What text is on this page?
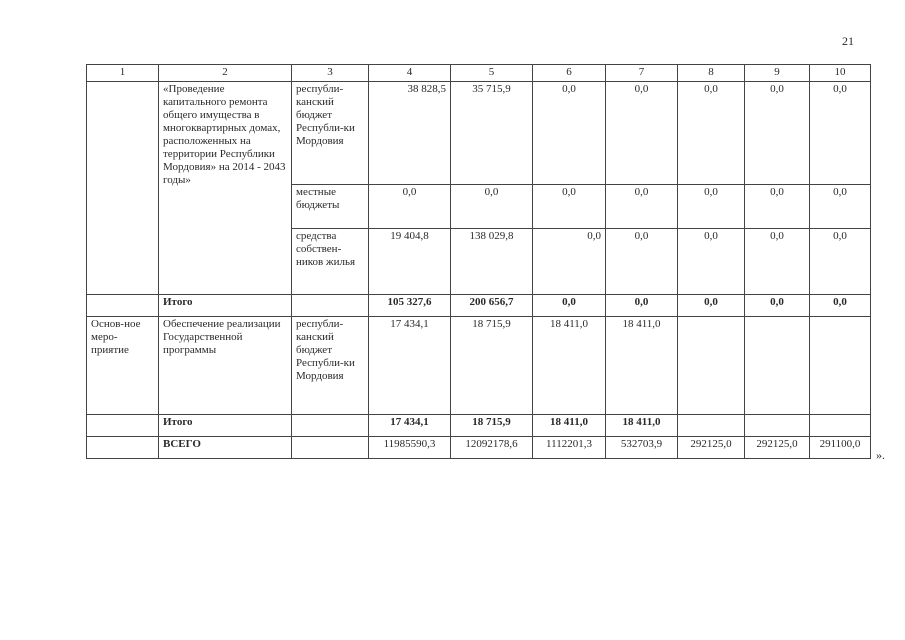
21
1	2	3	4	5	6	7	8	9	10
	«Проведение капитального ремонта общего имущества в многоквартирных домах, расположенных на территории Республики Мордовия» на 2014 - 2043 годы»	республи-канский бюджет Республи-ки Мордовия	38 828,5	35 715,9	0,0	0,0	0,0	0,0	0,0
		местные бюджеты	0,0	0,0	0,0	0,0	0,0	0,0	0,0
		средства собствен-ников жилья	19 404,8	138 029,8	0,0	0,0	0,0	0,0	0,0
	Итого		105 327,6	200 656,7	0,0	0,0	0,0	0,0	0,0
Основ-ное меро-приятие	Обеспечение реализации Государственной программы	республи-канский бюджет Республи-ки Мордовия	17 434,1	18 715,9	18 411,0	18 411,0			
	Итого		17 434,1	18 715,9	18 411,0	18 411,0			
	ВСЕГО		11985590,3	12092178,6	1112201,3	532703,9	292125,0	292125,0	291100,0
».
